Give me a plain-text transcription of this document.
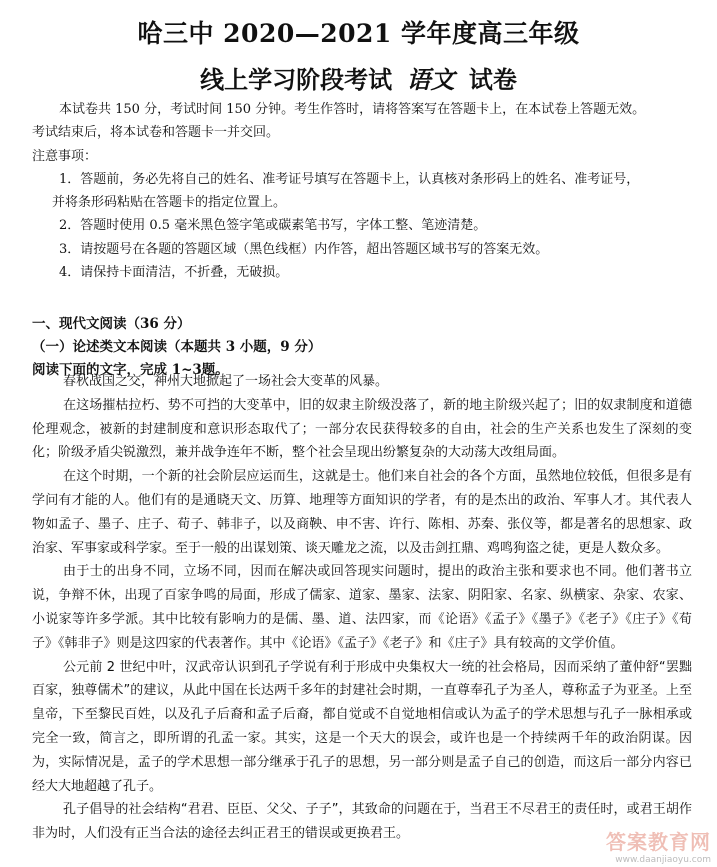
哈三中 2020—2021 学年度高三年级
线上学习阶段考试 语文 试卷

本试卷共 150 分，考试时间 150 分钟。考生作答时，请将答案写在答题卡上，在本试卷上答题无效。

考试结束后，将本试卷和答题卡一并交回。

注意事项：

1．答题前，务必先将自己的姓名、准考证号填写在答题卡上，认真核对条形码上的姓名、准考证号，

并将条形码粘贴在答题卡的指定位置上。

2．答题时使用 0.5 毫米黑色签字笔或碳素笔书写，字体工整、笔迹清楚。

3．请按题号在各题的答题区域（黑色线框）内作答，超出答题区域书写的答案无效。

4．请保持卡面清洁，不折叠，无破损。

一、现代文阅读（36 分）

（一）论述类文本阅读（本题共 3 小题，9 分）

阅读下面的文字，完成 1~3题。

春秋战国之交，神州大地掀起了一场社会大变革的风暴。

在这场摧枯拉朽、势不可挡的大变革中，旧的奴隶主阶级没落了，新的地主阶级兴起了；旧的奴隶制度和道德伦理观念，被新的封建制度和意识形态取代了；一部分农民获得较多的自由，社会的生产关系也发生了深刻的变化；阶级矛盾尖锐激烈，兼并战争连年不断，整个社会呈现出纷繁复杂的大动荡大改组局面。

在这个时期，一个新的社会阶层应运而生，这就是士。他们来自社会的各个方面，虽然地位较低，但很多是有学问有才能的人。他们有的是通晓天文、历算、地理等方面知识的学者，有的是杰出的政治、军事人才。其代表人物如孟子、墨子、庄子、荀子、韩非子，以及商鞅、申不害、许行、陈相、苏秦、张仪等，都是著名的思想家、政治家、军事家或科学家。至于一般的出谋划策、谈天雕龙之流，以及击剑扛鼎、鸡鸣狗盗之徒，更是人数众多。

由于士的出身不同，立场不同，因而在解决或回答现实问题时，提出的政治主张和要求也不同。他们著书立说，争辩不休，出现了百家争鸣的局面，形成了儒家、道家、墨家、法家、阴阳家、名家、纵横家、杂家、农家、小说家等许多学派。其中比较有影响力的是儒、墨、道、法四家，而《论语》《孟子》《墨子》《老子》《庄子》《荀子》《韩非子》则是这四家的代表著作。其中《论语》《孟子》《老子》和《庄子》具有较高的文学价值。

公元前 2 世纪中叶，汉武帝认识到孔子学说有利于形成中央集权大一统的社会格局，因而采纳了董仲舒“罢黜百家，独尊儒术”的建议，从此中国在长达两千多年的封建社会时期，一直尊奉孔子为圣人，尊称孟子为亚圣。上至皇帝，下至黎民百姓，以及孔子后裔和孟子后裔，都自觉或不自觉地相信或认为孟子的学术思想与孔子一脉相承或完全一致，简言之，即所谓的孔孟一家。其实，这是一个天大的误会，或许也是一个持续两千年的政治阴谋。因为，实际情况是，孟子的学术思想一部分继承于孔子的思想，另一部分则是孟子自己的创造，而这后一部分内容已经大大地超越了孔子。

孔子倡导的社会结构“君君、臣臣、父父、子子”，其致命的问题在于，当君王不尽君王的责任时，或君王胡作非为时，人们没有正当合法的途径去纠正君王的错误或更换君王。	答案教育网
www.daanjiaoyu.com
